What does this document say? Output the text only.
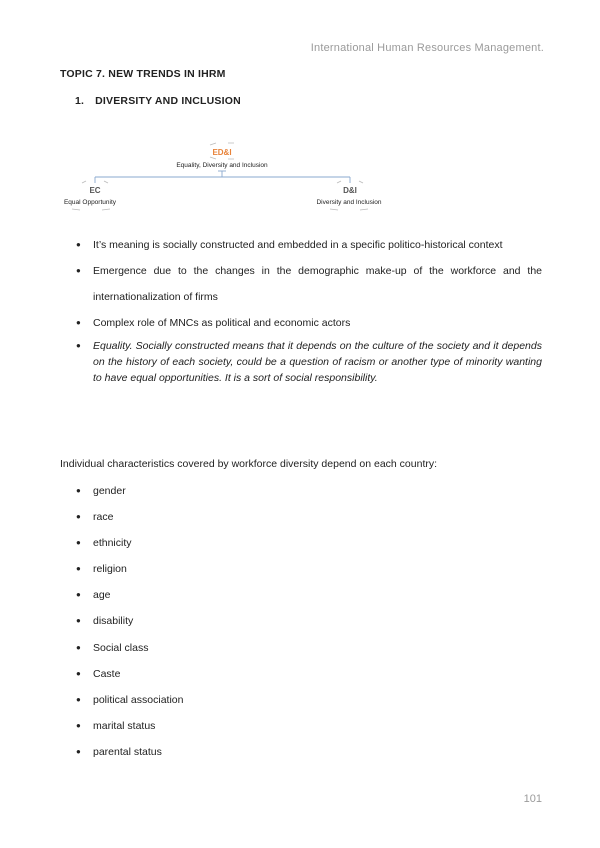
International Human Resources Management.
TOPIC 7. NEW TRENDS IN IHRM
1. DIVERSITY AND INCLUSION
ED&I
Equality, Diversity and Inclusion
EC
Equal Opportunity
D&I
Diversity and Inclusion
● It’s meaning is socially constructed and embedded in a specific politico-historical context
● Emergence due to the changes in the demographic make-up of the workforce and the internationalization of firms
● Complex role of MNCs as political and economic actors
● Equality. Socially constructed means that it depends on the culture of the society and it depends on the history of each society, could be a question of racism or another type of minority wanting to have equal opportunities. It is a sort of social responsibility.
Individual characteristics covered by workforce diversity depend on each country:
● gender
● race
● ethnicity
● religion
● age
● disability
● Social class
● Caste
● political association
● marital status
● parental status
101
